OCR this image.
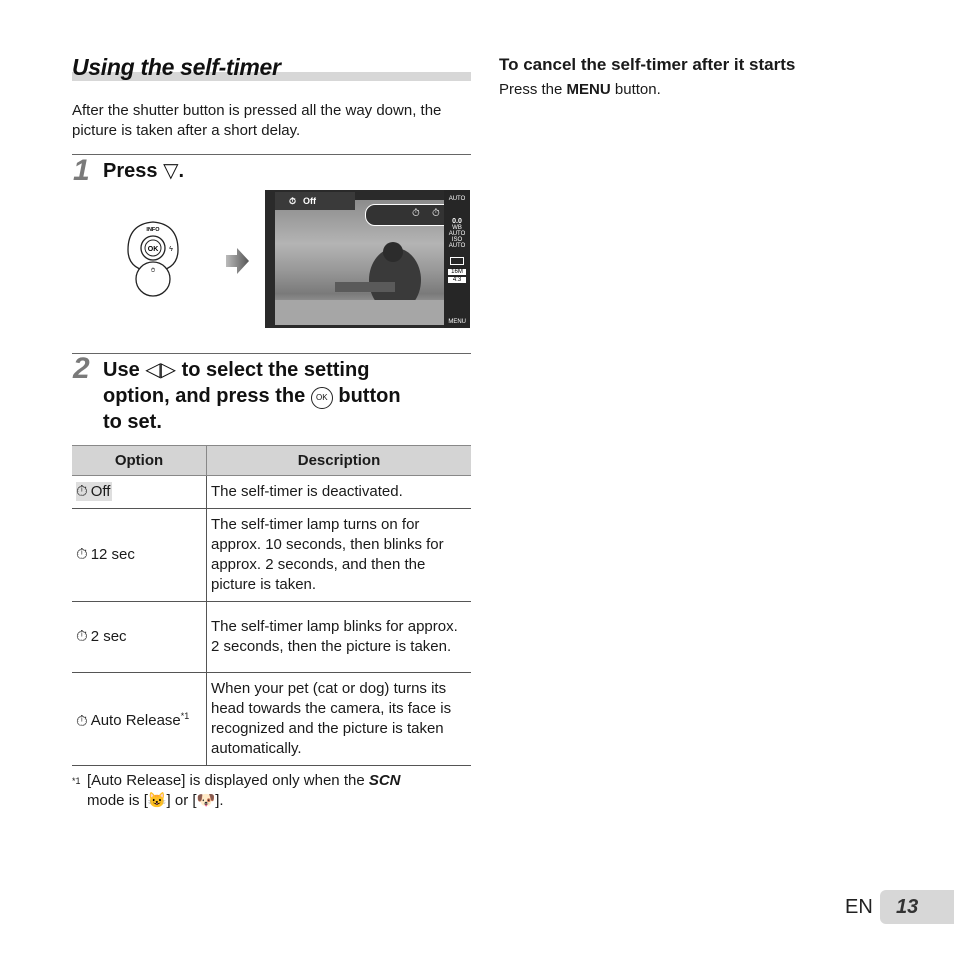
Using the self-timer
After the shutter button is pressed all the way down, the picture is taken after a short delay.
1 Press ▽.
OK
INFO
ϟ
⏱
⏱ Off
⏱ ⏱
AUTO
0.0
WB AUTO
ISO AUTO
16M
4:3
MENU
2 Use ◁▷ to select the setting
option, and press the OK button
to set.
Option	Description
⏱ Off	The self-timer is deactivated.
⏱ 12 sec	The self-timer lamp turns on for approx. 10 seconds, then blinks for approx. 2 seconds, and then the picture is taken.
⏱ 2 sec	The self-timer lamp blinks for approx. 2 seconds, then the picture is taken.
⏱ Auto Release$^{*1}$	When your pet (cat or dog) turns its head towards the camera, its face is recognized and the picture is taken automatically.
*1 [Auto Release] is displayed only when the SCN
mode is [😺] or [🐶].
To cancel the self-timer after it starts
Press the MENU button.
EN 13
